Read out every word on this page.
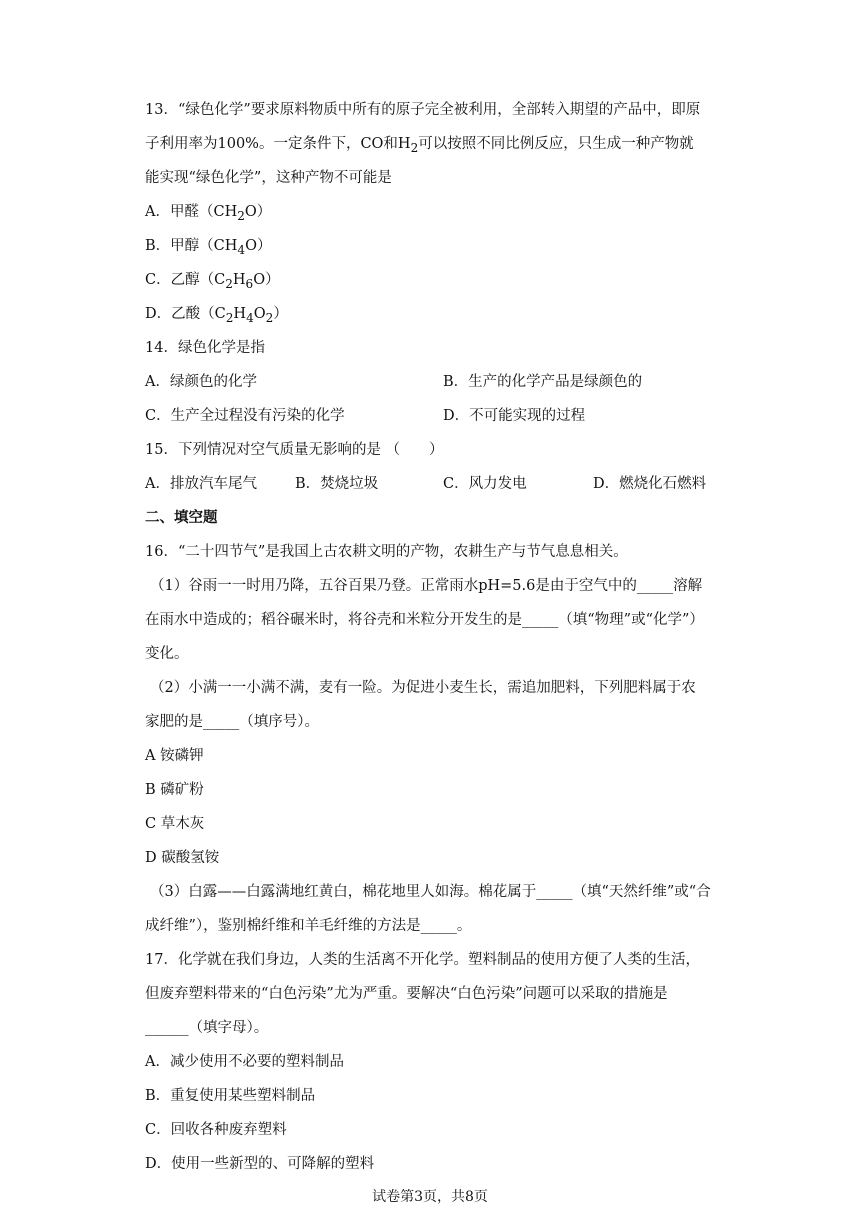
13．“绿色化学”要求原料物质中所有的原子完全被利用，全部转入期望的产品中，即原
子利用率为100%。一定条件下，CO和$H_2$可以按照不同比例反应，只生成一种产物就
能实现“绿色化学”，这种产物不可能是
A．甲醛$(CH_2O)$
B．甲醇$(CH_4O)$
C．乙醇$(C_2H_6O)$
D．乙酸$(C_2H_4O_2)$
14．绿色化学是指
A．绿颜色的化学	B．生产的化学产品是绿颜色的
C．生产全过程没有污染的化学	D．不可能实现的过程
15．下列情况对空气质量无影响的是 （　　）
A．排放汽车尾气	B．焚烧垃圾	C．风力发电	D．燃烧化石燃料
二、填空题
16．“二十四节气”是我国上古农耕文明的产物，农耕生产与节气息息相关。
（1）谷雨一一时用乃降，五谷百果乃登。正常雨水pH=5.6是由于空气中的_____溶解
在雨水中造成的；稻谷碾米时，将谷壳和米粒分开发生的是_____（填“物理”或“化学”）
变化。
（2）小满一一小满不满，麦有一险。为促进小麦生长，需追加肥料，下列肥料属于农
家肥的是_____（填序号）。
A 铵磷钾
B 磷矿粉
C 草木灰
D 碳酸氢铵
（3）白露——白露满地红黄白，棉花地里人如海。棉花属于_____（填“天然纤维”或“合
成纤维”），鉴别棉纤维和羊毛纤维的方法是_____。
17．化学就在我们身边，人类的生活离不开化学。塑料制品的使用方便了人类的生活，
但废弃塑料带来的“白色污染”尤为严重。要解决“白色污染”问题可以采取的措施是
______（填字母）。
A．减少使用不必要的塑料制品
B．重复使用某些塑料制品
C．回收各种废弃塑料
D．使用一些新型的、可降解的塑料
试卷第3页，共8页
